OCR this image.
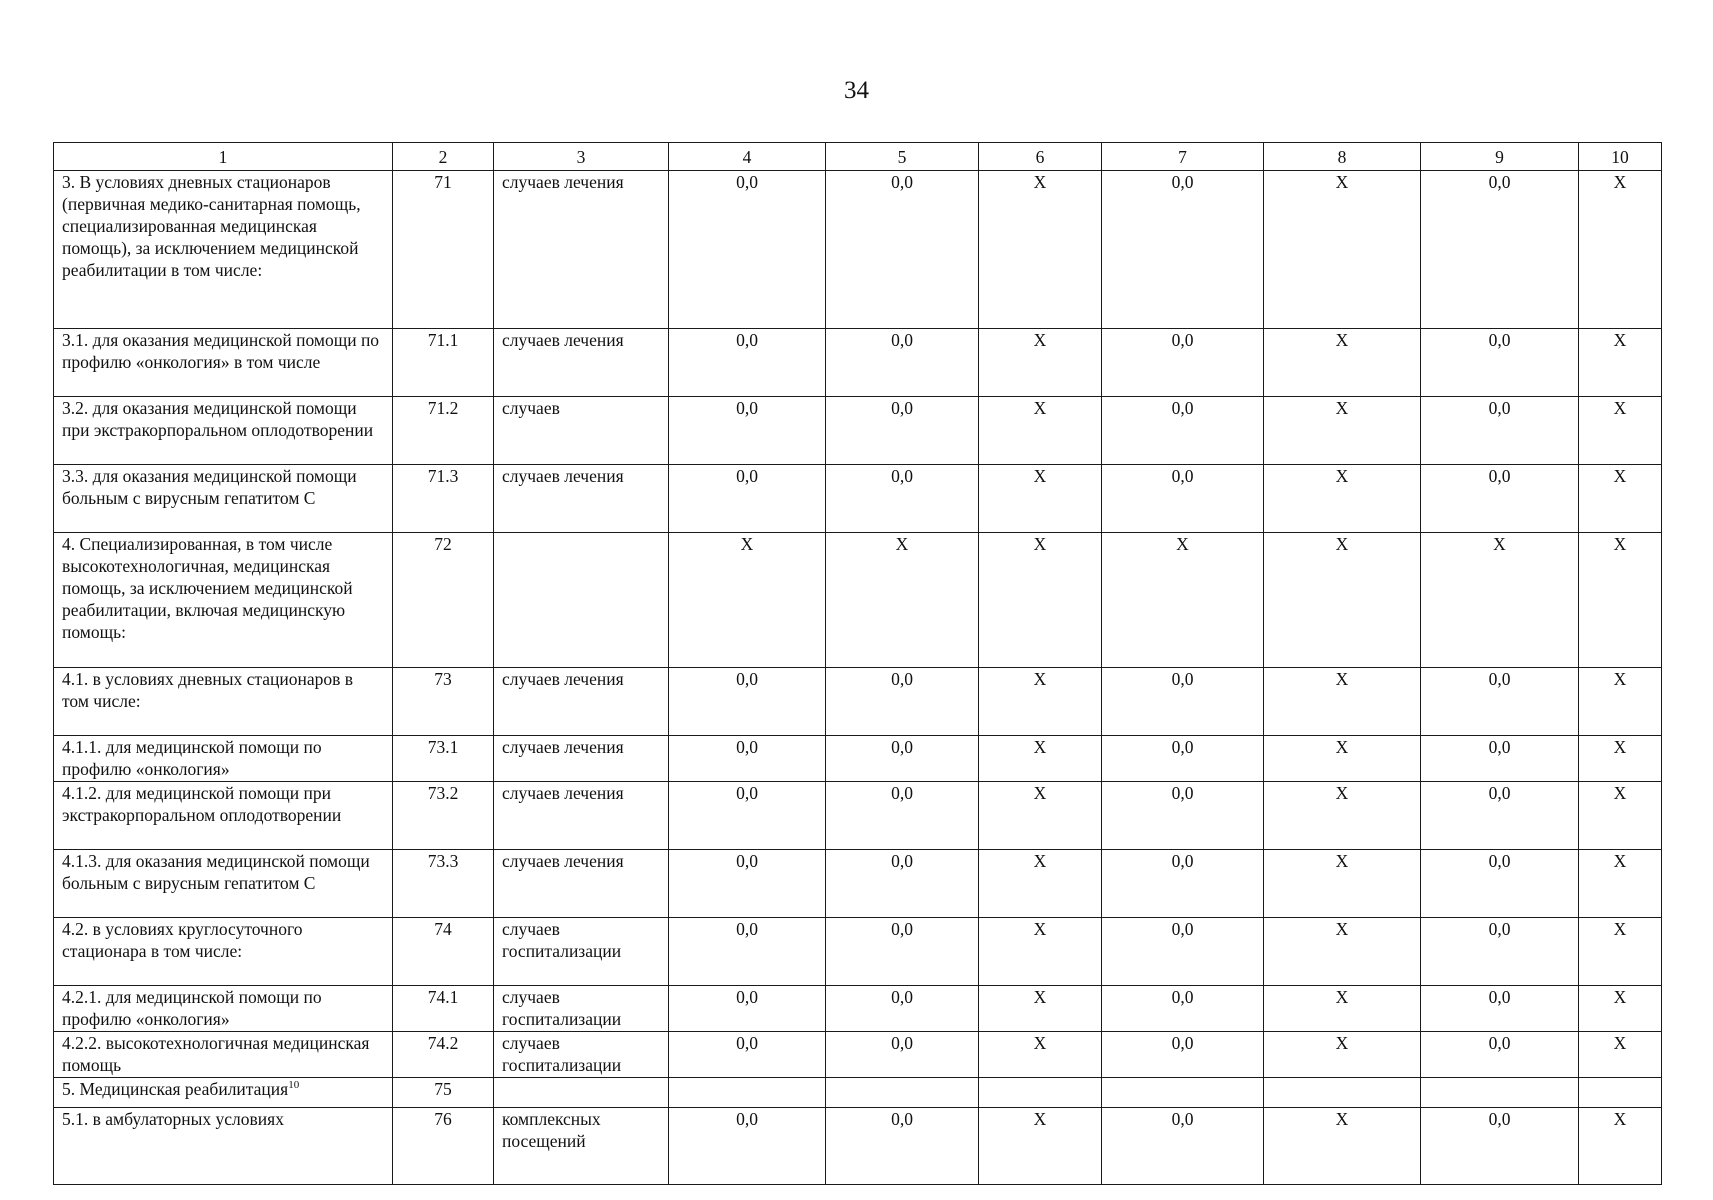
34
1	2	3	4	5	6	7	8	9	10
3. В условиях дневных стационаров (первичная медико-санитарная помощь, специализированная медицинская помощь), за исключением медицинской реабилитации в том числе:	71	случаев лечения	0,0	0,0	Х	0,0	Х	0,0	Х
3.1. для оказания медицинской помощи по профилю «онкология» в том числе	71.1	случаев лечения	0,0	0,0	Х	0,0	Х	0,0	Х
3.2. для оказания медицинской помощи при экстракорпоральном оплодотворении	71.2	случаев	0,0	0,0	Х	0,0	Х	0,0	Х
3.3. для оказания медицинской помощи больным с вирусным гепатитом С	71.3	случаев лечения	0,0	0,0	Х	0,0	Х	0,0	Х
4. Специализированная, в том числе высокотехнологичная, медицинская помощь, за исключением медицинской реабилитации, включая медицинскую помощь:	72		Х	Х	Х	Х	Х	Х	Х
4.1. в условиях дневных стационаров в том числе:	73	случаев лечения	0,0	0,0	Х	0,0	Х	0,0	Х
4.1.1. для медицинской помощи по профилю «онкология»	73.1	случаев лечения	0,0	0,0	Х	0,0	Х	0,0	Х
4.1.2. для медицинской помощи при экстракорпоральном оплодотворении	73.2	случаев лечения	0,0	0,0	Х	0,0	Х	0,0	Х
4.1.3. для оказания медицинской помощи больным с вирусным гепатитом С	73.3	случаев лечения	0,0	0,0	Х	0,0	Х	0,0	Х
4.2. в условиях круглосуточного стационара в том числе:	74	случаев госпитализации	0,0	0,0	Х	0,0	Х	0,0	Х
4.2.1. для медицинской помощи по профилю «онкология»	74.1	случаев госпитализации	0,0	0,0	Х	0,0	Х	0,0	Х
4.2.2. высокотехнологичная медицинская помощь	74.2	случаев госпитализации	0,0	0,0	Х	0,0	Х	0,0	Х
5. Медицинская реабилитация$^{10}$	75								
5.1. в амбулаторных условиях	76	комплексных посещений	0,0	0,0	Х	0,0	Х	0,0	Х
